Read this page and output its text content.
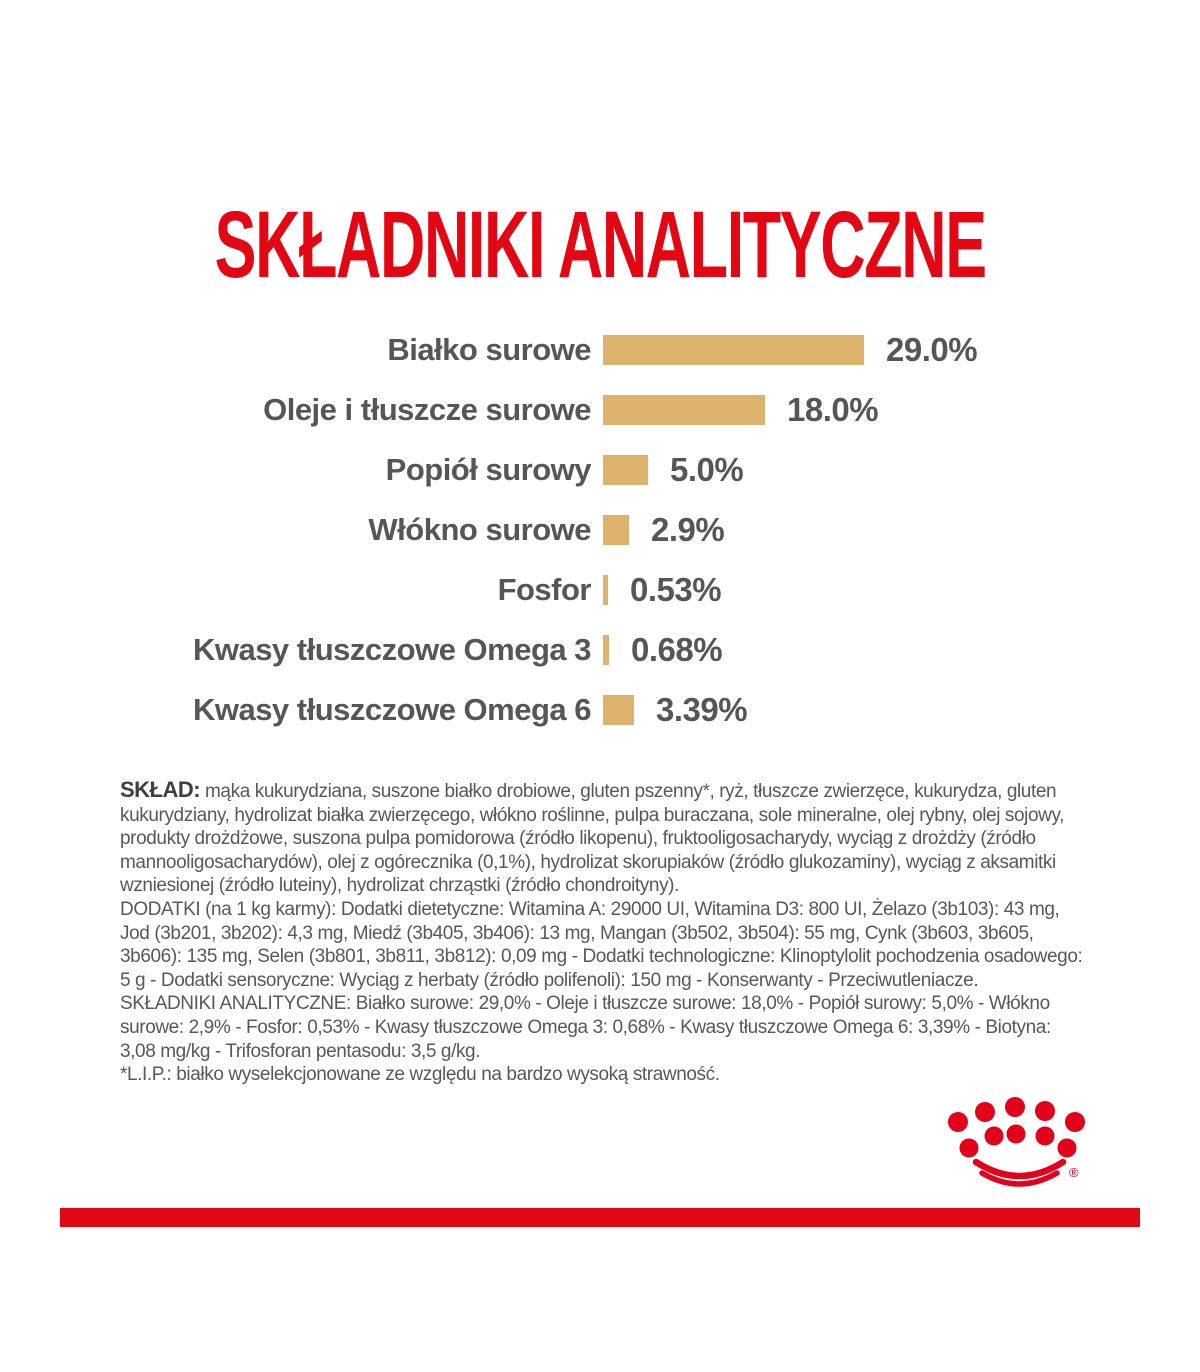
SKŁADNIKI ANALITYCZNE
Białko surowe	29.0%
Oleje i tłuszcze surowe	18.0%
Popiół surowy	5.0%
Włókno surowe	2.9%
Fosfor	0.53%
Kwasy tłuszczowe Omega 3	0.68%
Kwasy tłuszczowe Omega 6	3.39%

SKŁAD: mąka kukurydziana, suszone białko drobiowe, gluten pszenny*, ryż, tłuszcze zwierzęce, kukurydza, gluten kukurydziany, hydrolizat białka zwierzęcego, włókno roślinne, pulpa buraczana, sole mineralne, olej rybny, olej sojowy, produkty drożdżowe, suszona pulpa pomidorowa (źródło likopenu), fruktooligosacharydy, wyciąg z drożdży (źródło mannooligosacharydów), olej z ogórecznika (0,1%), hydrolizat skorupiaków (źródło glukozaminy), wyciąg z aksamitki wzniesionej (źródło luteiny), hydrolizat chrząstki (źródło chondroityny).

DODATKI (na 1 kg karmy): Dodatki dietetyczne: Witamina A: 29000 UI, Witamina D3: 800 UI, Żelazo (3b103): 43 mg, Jod (3b201, 3b202): 4,3 mg, Miedź (3b405, 3b406): 13 mg, Mangan (3b502, 3b504): 55 mg, Cynk (3b603, 3b605, 3b606): 135 mg, Selen (3b801, 3b811, 3b812): 0,09 mg - Dodatki technologiczne: Klinoptylolit pochodzenia osadowego: 5 g - Dodatki sensoryczne: Wyciąg z herbaty (źródło polifenoli): 150 mg - Konserwanty - Przeciwutleniacze.

SKŁADNIKI ANALITYCZNE: Białko surowe: 29,0% - Oleje i tłuszcze surowe: 18,0% - Popiół surowy: 5,0% - Włókno surowe: 2,9% - Fosfor: 0,53% - Kwasy tłuszczowe Omega 3: 0,68% - Kwasy tłuszczowe Omega 6: 3,39% - Biotyna: 3,08 mg/kg - Trifosforan pentasodu: 3,5 g/kg.

*L.I.P.: białko wyselekcjonowane ze względu na bardzo wysoką strawność.

®
